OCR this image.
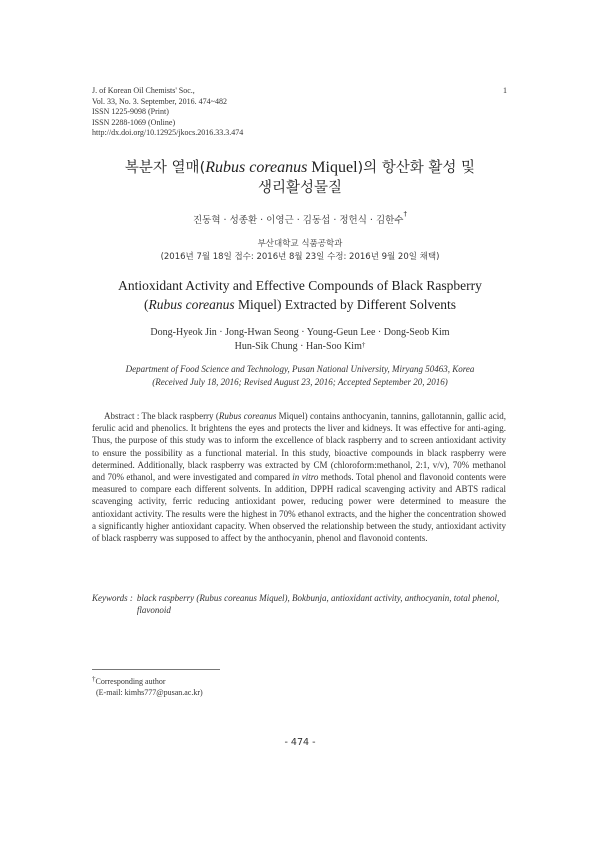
J. of Korean Oil Chemists' Soc.,
Vol. 33, No. 3. September, 2016. 474~482
ISSN 1225-9098 (Print)
ISSN 2288-1069 (Online)
http://dx.doi.org/10.12925/jkocs.2016.33.3.474
1
복분자 열매(Rubus coreanus Miquel)의 항산화 활성 및
생리활성물질
진동혁 · 성종환 · 이영근 · 김동섭 · 정헌식 · 김한수†
부산대학교 식품공학과
(2016년 7월 18일 접수: 2016년 8월 23일 수정: 2016년 9월 20일 채택)
Antioxidant Activity and Effective Compounds of Black Raspberry
(Rubus coreanus Miquel) Extracted by Different Solvents
Dong-Hyeok Jin · Jong-Hwan Seong · Young-Geun Lee · Dong-Seob Kim
Hun-Sik Chung · Han-Soo Kim†
Department of Food Science and Technology, Pusan National University, Miryang 50463, Korea
(Received July 18, 2016; Revised August 23, 2016; Accepted September 20, 2016)
Abstract : The black raspberry (Rubus coreanus Miquel) contains anthocyanin, tannins, gallotannin, gallic acid, ferulic acid and phenolics. It brightens the eyes and protects the liver and kidneys. It was effective for anti-aging. Thus, the purpose of this study was to inform the excellence of black raspberry and to screen antioxidant activity to ensure the possibility as a functional material. In this study, bioactive compounds in black raspberry were determined. Additionally, black raspberry was extracted by CM (chloroform:methanol, 2:1, v/v), 70% methanol and 70% ethanol, and were investigated and compared in vitro methods. Total phenol and flavonoid contents were measured to compare each different solvents. In addition, DPPH radical scavenging activity and ABTS radical scavenging activity, ferric reducing antioxidant power, reducing power were determined to measure the antioxidant activity. The results were the highest in 70% ethanol extracts, and the higher the concentration showed a significantly higher antioxidant capacity. When observed the relationship between the study, antioxidant activity of black raspberry was supposed to affect by the anthocyanin, phenol and flavonoid contents.
Keywords : black raspberry (Rubus coreanus Miquel), Bokbunja, antioxidant activity, anthocyanin, total phenol, flavonoid
†Corresponding author
(E-mail: kimhs777@pusan.ac.kr)
- 474 -
